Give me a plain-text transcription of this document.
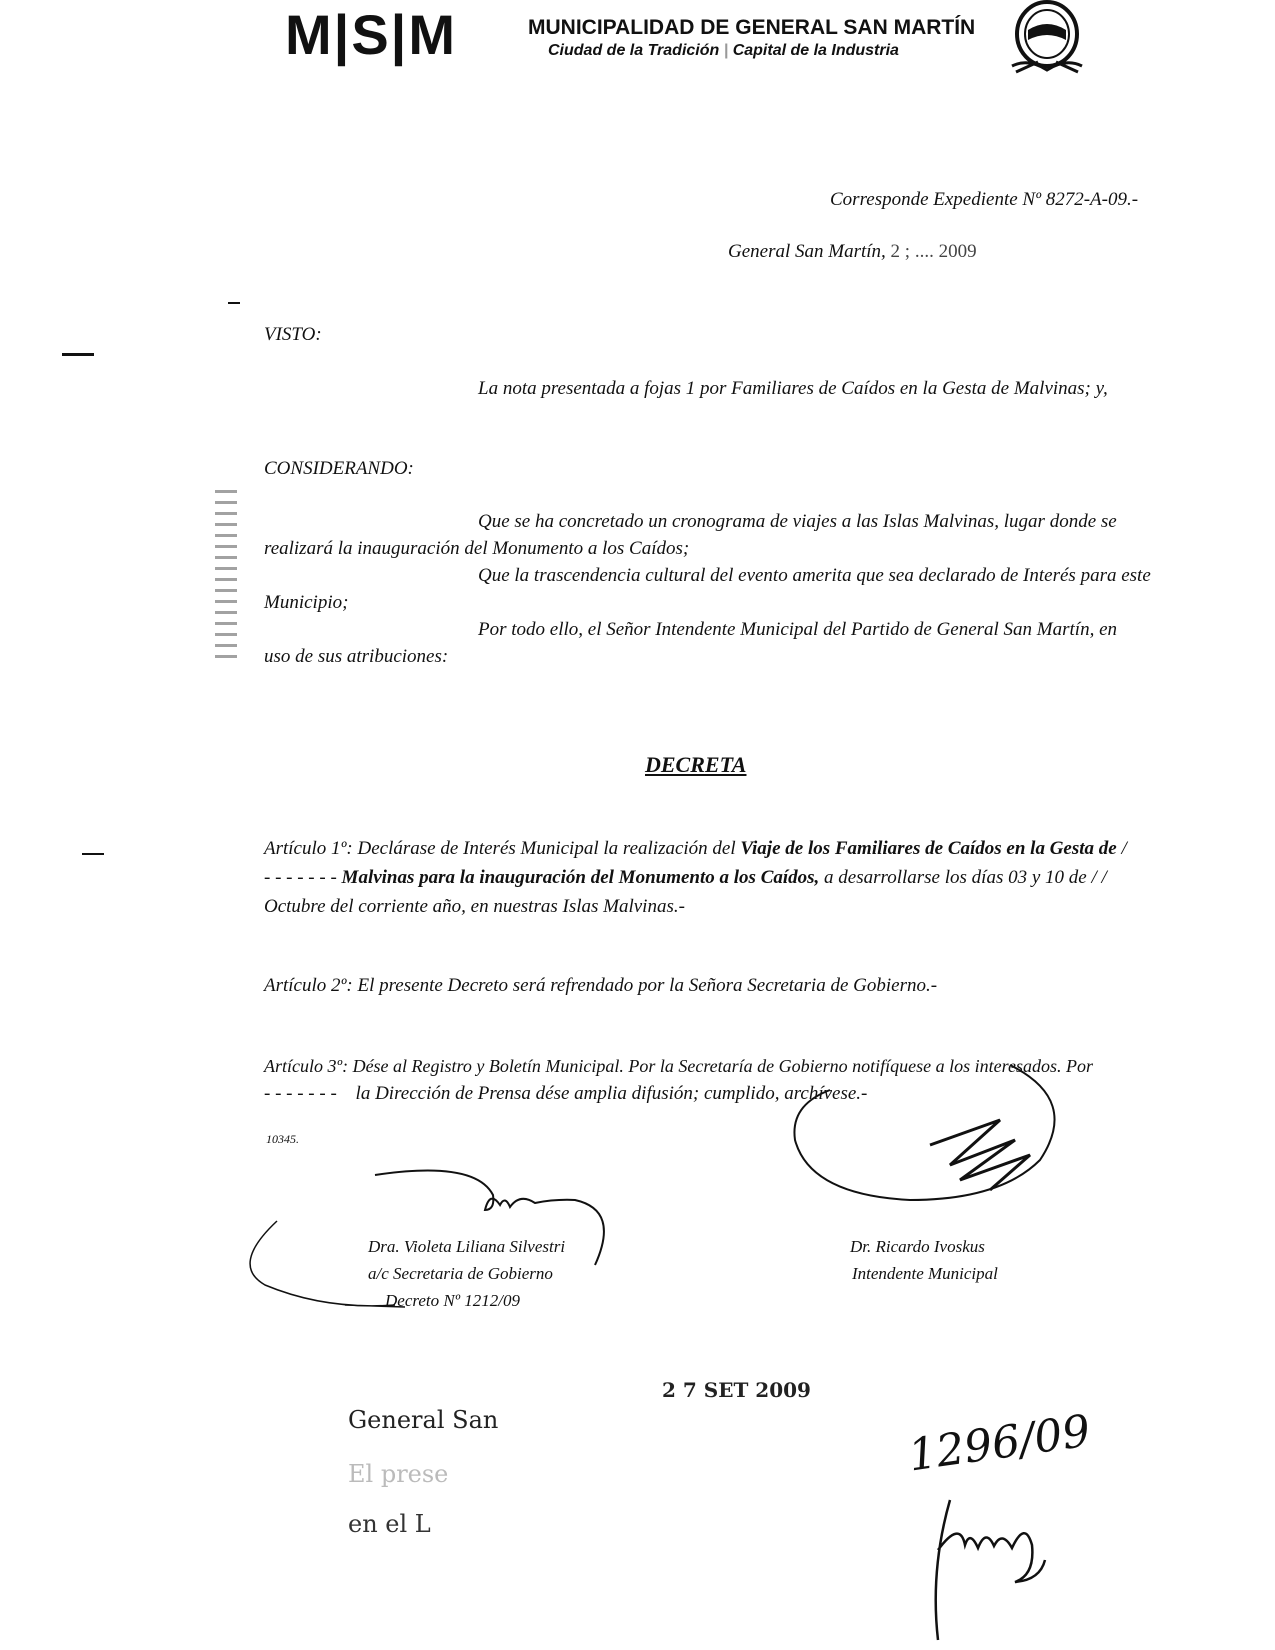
M|S|M	MUNICIPALIDAD DE GENERAL SAN MARTÍN
Ciudad de la Tradición | Capital de la Industria
Corresponde Expediente Nº 8272-A-09.-
General San Martín, 2 ; .... 2009
VISTO:
La nota presentada a fojas 1 por Familiares de Caídos en la Gesta de Malvinas; y,
CONSIDERANDO:
Que se ha concretado un cronograma de viajes a las Islas Malvinas, lugar donde se
realizará la inauguración del Monumento a los Caídos;
Que la trascendencia cultural del evento amerita que sea declarado de Interés para este
Municipio;
Por todo ello, el Señor Intendente Municipal del Partido de General San Martín, en
uso de sus atribuciones:
DECRETA
Artículo 1º: Declárase de Interés Municipal la realización del Viaje de los Familiares de Caídos en la Gesta de /
- - - - - - - Malvinas para la inauguración del Monumento a los Caídos, a desarrollarse los días 03 y 10 de / /
Octubre del corriente año, en nuestras Islas Malvinas.-
Artículo 2º: El presente Decreto será refrendado por la Señora Secretaria de Gobierno.-
Artículo 3º: Dése al Registro y Boletín Municipal. Por la Secretaría de Gobierno notifíquese a los interesados. Por
- - - - - - - la Dirección de Prensa dése amplia difusión; cumplido, archívese.-
10345.
Dra. Violeta Liliana Silvestri
a/c Secretaria de Gobierno
Decreto Nº 1212/09
Dr. Ricardo Ivoskus
Intendente Municipal
2 7 SET 2009
General San
El prese
en el L
1296/09
